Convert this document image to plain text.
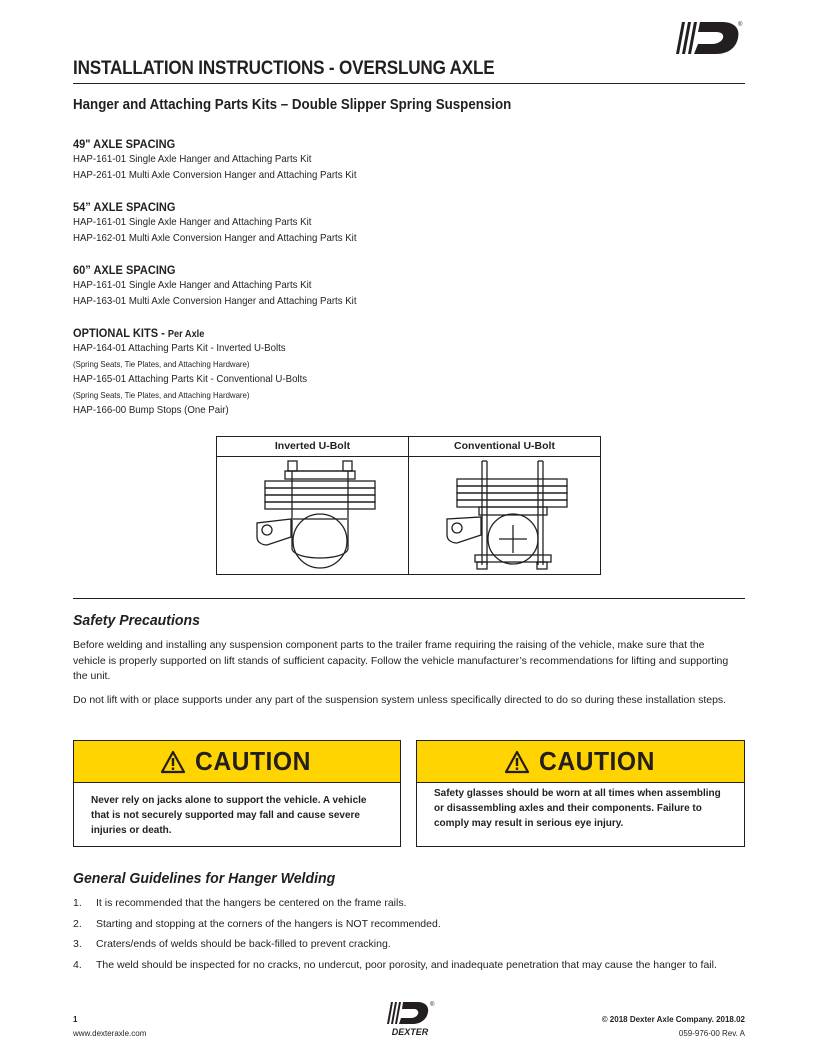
®
INSTALLATION INSTRUCTIONS - OVERSLUNG AXLE
Hanger and Attaching Parts Kits – Double Slipper Spring Suspension
49" AXLE SPACING
HAP-161-01 Single Axle Hanger and Attaching Parts Kit
HAP-261-01 Multi Axle Conversion Hanger and Attaching Parts Kit
54” AXLE SPACING
HAP-161-01 Single Axle Hanger and Attaching Parts Kit
HAP-162-01 Multi Axle Conversion Hanger and Attaching Parts Kit
60” AXLE SPACING
HAP-161-01 Single Axle Hanger and Attaching Parts Kit
HAP-163-01 Multi Axle Conversion Hanger and Attaching Parts Kit
OPTIONAL KITS - Per Axle
HAP-164-01 Attaching Parts Kit - Inverted U-Bolts
(Spring Seats, Tie Plates, and Attaching Hardware)
HAP-165-01 Attaching Parts Kit - Conventional U-Bolts
(Spring Seats, Tie Plates, and Attaching Hardware)
HAP-166-00 Bump Stops (One Pair)
Inverted U-Bolt	Conventional U-Bolt
Safety Precautions
Before welding and installing any suspension component parts to the trailer frame requiring the raising of the vehicle, make sure that the vehicle is properly supported on lift stands of sufficient capacity. Follow the vehicle manufacturer’s recommendations for lifting and supporting the unit.
Do not lift with or place supports under any part of the suspension system unless specifically directed to do so during these installation steps.
CAUTION
Never rely on jacks alone to support the vehicle. A vehicle that is not securely supported may fall and cause severe injuries or death.
CAUTION
Safety glasses should be worn at all times when assembling or disassembling axles and their components. Failure to comply may result in serious eye injury.
General Guidelines for Hanger Welding
1. It is recommended that the hangers be centered on the frame rails.
2. Starting and stopping at the corners of the hangers is NOT recommended.
3. Craters/ends of welds should be back-filled to prevent cracking.
4. The weld should be inspected for no cracks, no undercut, poor porosity, and inadequate penetration that may cause the hanger to fail.
1
www.dexteraxle.com
®
DEXTER
© 2018 Dexter Axle Company. 2018.02
059-976-00 Rev. A
